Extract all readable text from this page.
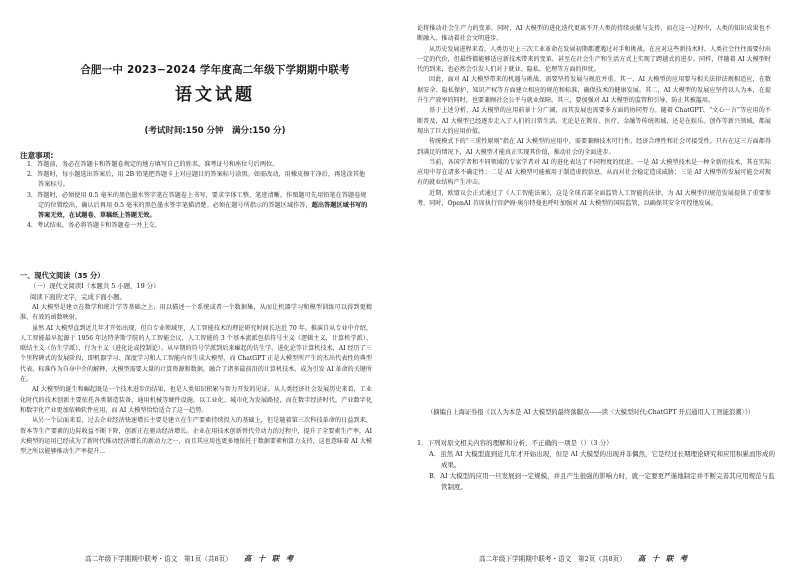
合肥一中 2023−2024 学年度高二年级下学期期中联考
语文试题
(考试时间:150 分钟　满分:150 分)
注意事项:

1．答题前，务必在答题卡和答题卷规定的地方填写自己的姓名、准考证号和座位号后两位。

2．答题时，每小题选出答案后，用 2B 铅笔把答题卡上对应题目的答案标号涂黑。如需改动，用橡皮擦干净后，再选涂其他答案标号。

3．答题时，必须使用 0.5 毫米的黑色墨水签字笔在答题卷上书写，要求字体工整、笔迹清晰。作图题可先用铅笔在答题卷规定的位置绘出，确认后再用 0.5 毫米的黑色墨水签字笔描清楚。必须在题号所指示的答题区域作答，超出答题区域书写的答案无效，在试题卷、草稿纸上答题无效。

4．考试结束，务必将答题卡和答题卷一并上交。

一、现代文阅读（35 分）
（一）现代文阅读Ⅰ（本题共 5 小题，19 分）
阅读下面的文字，完成下面小题。

AI 大模型是建立在数学和统计学等基础之上，用以描述一个系统或者一个数据集，从而让机器学习和模型训练可以得到更精准、有效的函数映射。

虽然 AI 大模型直到近几年才开始出现，但自专业领域里，人工智能技术的理论研究时间长达近 70 年。推演自从专业中介绍，人工智能最早起源于 1956 年达特茅斯学院的人工智能会议，人工智能的 3 个基本流派包括符号主义（逻辑主义，计算机学派）、联结主义（仿生学派）、行为主义（进化论或控制论）。从早期的符号学派到后来崛起的仿生学、进化论等计算机技术，AI 经历了三个里程碑式的发展阶段，即机器学习、深度学习和人工智能内容生成大模型，而 ChatGPT 正是大模型所产生的杰出代表性的典型代表。标准作为自身中介的解释，大模型需要大量的计算资源和数据，融合了诸多最前沿的计算机技术，成为引发 AI 革命的关键所在。

AI 大模型的诞生和崛起既是一个技术进步的结果，也是人类知识积累与智力开发的见证。从人类经济社会发展历史来看，工业化时代的技术创新主要依托各类制造装备，通用机械等硬件设施，以工业化、城市化为发展路径，而在数字经济时代，产业数字化和数字化产业更加依赖软件应用，而 AI 大模型恰恰适合了这一趋势。

从另一个层面来看，过去企业经济快速增长主要是建立在生产要素持续投入的基础上，但是随着第三次科技革命的日益到来，资本等生产要素的边际收益不断下降，创新正在驱动经济增长。企业在用技术创新替代劳动力的过程中，提升了全要素生产率，AI 大模型的运用已经成为了新时代推动经济增长的新动力之一，而且其应用也更多地依托于数据要素和算力支持，这也意味着 AI 大模型之所以能够推动生产率提升...

高二年级下学期期中联考・语文　第1页（共8页） 高 十 联 考

论将推动社会生产力的变革，同时，AI 大模型的进化迭代更离不开人类的持续贡献与支持，而在这一过程中，人类的知识成果也不断融入，推动着社会文明进步。

从历史发展进程来看，人类历史上三次工业革命在发展初期都遭遇过对手和挑战。在应对这些新技术时，人类社会往往需要付出一定的代价，但最终都能够适应新技术带来的变革，甚至在社会生产和生活方式上实现了跨越式的进步。同样，伴随着 AI 大模型时代的到来，也必然会引发人们对于就业、隐私、伦理等方面的担忧。

因此，面对 AI 大模型带来的机遇与挑战，需要坚持发展与规范并重。其一，AI 大模型的应用要与相关法律法规相适应，在数据安全、隐私保护、知识产权等方面建立相应的规范和标准，确保技术的健康发展。其二，AI 大模型的发展应坚持以人为本，在提升生产效率的同时，也要兼顾社会公平与就业保障。其三，要加强对 AI 大模型的监管和引导，防止其被滥用。

基于上述分析，AI 大模型的应用前景十分广阔，而其发展也需要多方面的协同努力。随着 ChatGPT、“文心一言”等应用的不断普及，AI 大模型已经逐步走入了人们的日常生活，无论是在教育、医疗、金融等传统领域，还是在娱乐、创作等新兴领域，都展现出了巨大的应用价值。

传统模式下的“三重性原则”指在 AI 大模型的应用中，需要兼顾技术可行性、经济合理性和社会可接受性。只有在这三方面都得到满足的情况下，AI 大模型才能真正实现其价值，推动社会的全面进步。

当前，各国学者和不同领域的专家学者对 AI 的进化表达了不同程度的忧虑。一是 AI 大模型技术是一种全新的技术，其在实际应用中存在诸多不确定性；二是 AI 大模型可能被用于制造虚假信息，从而对社会稳定造成威胁；三是 AI 大模型的发展可能会对现有的就业结构产生冲击。

近期，欧盟议会正式通过了《人工智能法案》，这是全球首部全面监管人工智能的法律，为 AI 大模型的规范发展提供了重要参考。同时，OpenAI 首席执行官萨姆·奥尔特曼也呼吁加强对 AI 大模型的国际监管，以确保其安全可控地发展。

（摘编自上海证券报《以人为本是 AI 大模型的最终落脚点——读〈大模型时代:ChatGPT 开启通用人工智能浪潮〉》）

1．下列对原文相关内容的理解和分析，不正确的一项是（）（3 分）

A．虽然 AI 大模型直到近几年才开始出现，但是 AI 大模型的出现并非偶然，它是经过长期理论研究和应用积累而形成的成果。

B．AI 大模型的应用一旦发展到一定规模，并且产生很强的影响力时，就一定要更严谨地制定并不断完善其应用规范与监管制度。

高二年级下学期期中联考・语文　第2页（共8页） 高 十 联 考
